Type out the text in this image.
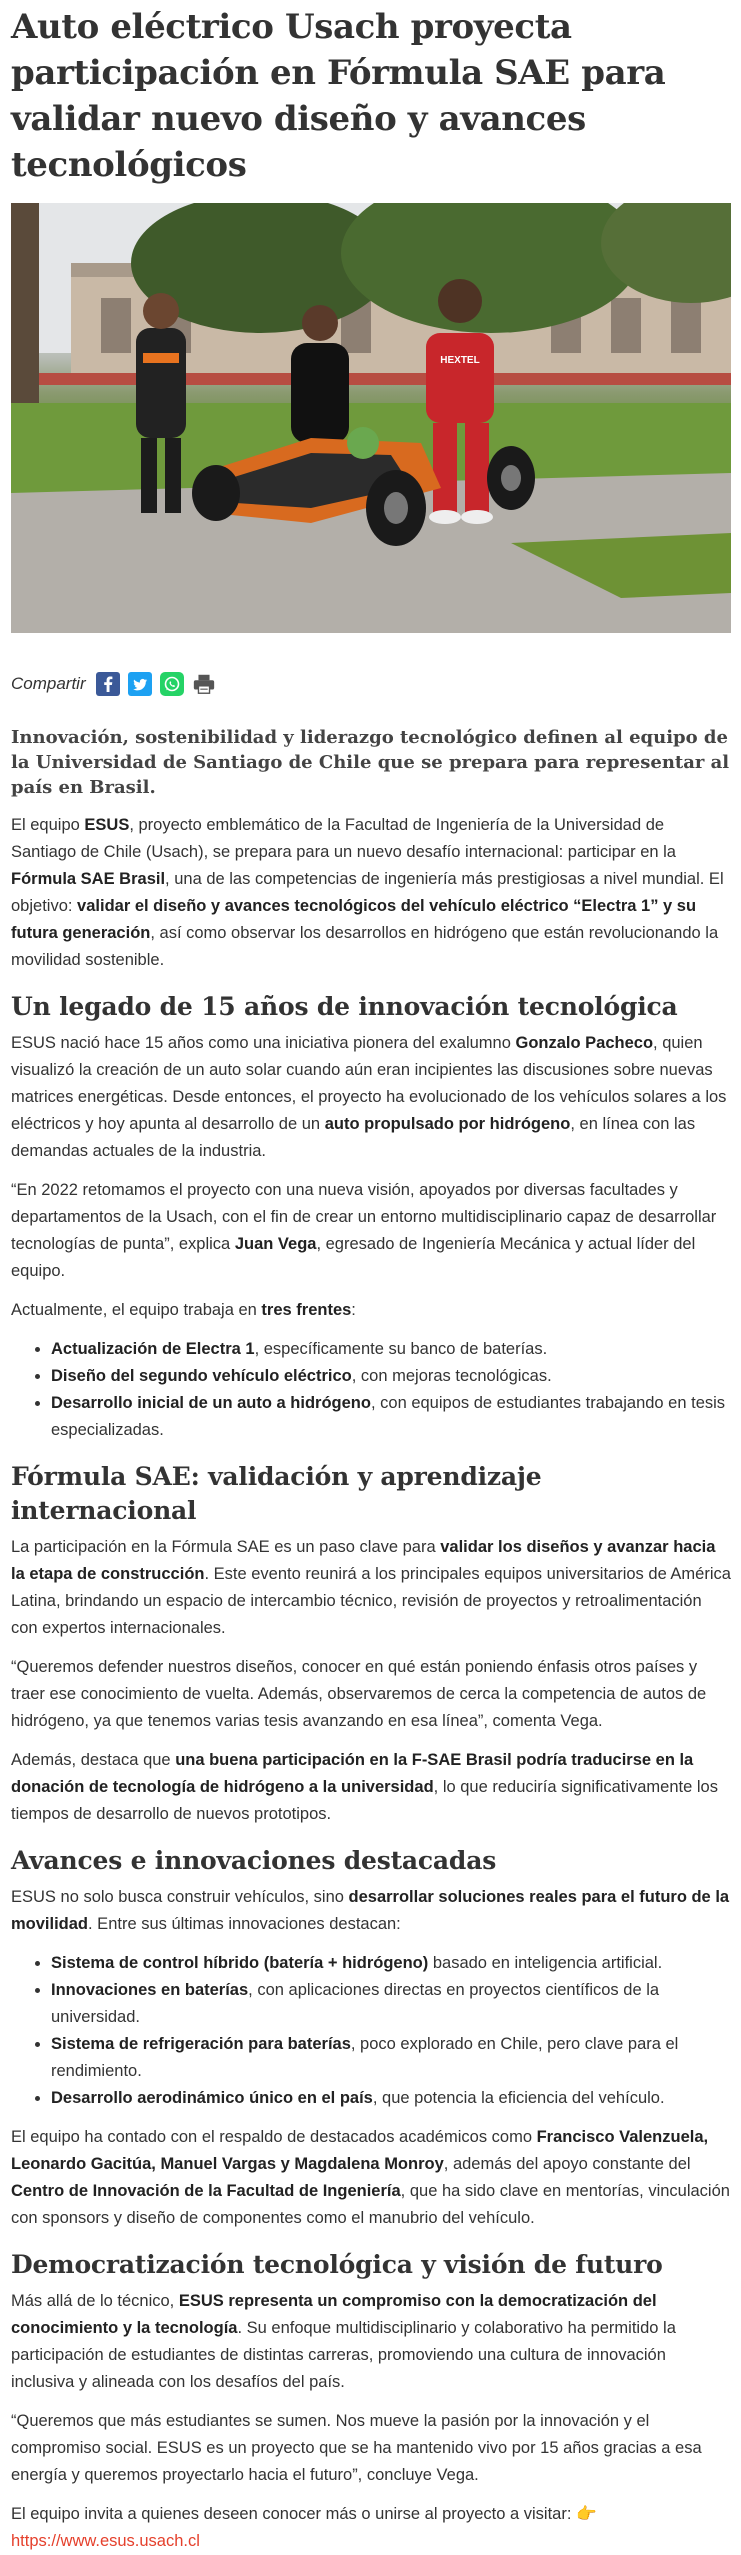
Auto eléctrico Usach proyecta participación en Fórmula SAE para validar nuevo diseño y avances tecnológicos
HEXTEL
Compartir
Innovación, sostenibilidad y liderazgo tecnológico definen al equipo de la Universidad de Santiago de Chile que se prepara para representar al país en Brasil.

El equipo ESUS, proyecto emblemático de la Facultad de Ingeniería de la Universidad de Santiago de Chile (Usach), se prepara para un nuevo desafío internacional: participar en la Fórmula SAE Brasil, una de las competencias de ingeniería más prestigiosas a nivel mundial. El objetivo: validar el diseño y avances tecnológicos del vehículo eléctrico “Electra 1” y su futura generación, así como observar los desarrollos en hidrógeno que están revolucionando la movilidad sostenible.

Un legado de 15 años de innovación tecnológica

ESUS nació hace 15 años como una iniciativa pionera del exalumno Gonzalo Pacheco, quien visualizó la creación de un auto solar cuando aún eran incipientes las discusiones sobre nuevas matrices energéticas. Desde entonces, el proyecto ha evolucionado de los vehículos solares a los eléctricos y hoy apunta al desarrollo de un auto propulsado por hidrógeno, en línea con las demandas actuales de la industria.

“En 2022 retomamos el proyecto con una nueva visión, apoyados por diversas facultades y departamentos de la Usach, con el fin de crear un entorno multidisciplinario capaz de desarrollar tecnologías de punta”, explica Juan Vega, egresado de Ingeniería Mecánica y actual líder del equipo.

Actualmente, el equipo trabaja en tres frentes:

• Actualización de Electra 1, específicamente su banco de baterías.
• Diseño del segundo vehículo eléctrico, con mejoras tecnológicas.
• Desarrollo inicial de un auto a hidrógeno, con equipos de estudiantes trabajando en tesis especializadas.
Fórmula SAE: validación y aprendizaje internacional

La participación en la Fórmula SAE es un paso clave para validar los diseños y avanzar hacia la etapa de construcción. Este evento reunirá a los principales equipos universitarios de América Latina, brindando un espacio de intercambio técnico, revisión de proyectos y retroalimentación con expertos internacionales.

“Queremos defender nuestros diseños, conocer en qué están poniendo énfasis otros países y traer ese conocimiento de vuelta. Además, observaremos de cerca la competencia de autos de hidrógeno, ya que tenemos varias tesis avanzando en esa línea”, comenta Vega.

Además, destaca que una buena participación en la F-SAE Brasil podría traducirse en la donación de tecnología de hidrógeno a la universidad, lo que reduciría significativamente los tiempos de desarrollo de nuevos prototipos.

Avances e innovaciones destacadas

ESUS no solo busca construir vehículos, sino desarrollar soluciones reales para el futuro de la movilidad. Entre sus últimas innovaciones destacan:

• Sistema de control híbrido (batería + hidrógeno) basado en inteligencia artificial.
• Innovaciones en baterías, con aplicaciones directas en proyectos científicos de la universidad.
• Sistema de refrigeración para baterías, poco explorado en Chile, pero clave para el rendimiento.
• Desarrollo aerodinámico único en el país, que potencia la eficiencia del vehículo.

El equipo ha contado con el respaldo de destacados académicos como Francisco Valenzuela, Leonardo Gacitúa, Manuel Vargas y Magdalena Monroy, además del apoyo constante del Centro de Innovación de la Facultad de Ingeniería, que ha sido clave en mentorías, vinculación con sponsors y diseño de componentes como el manubrio del vehículo.

Democratización tecnológica y visión de futuro

Más allá de lo técnico, ESUS representa un compromiso con la democratización del conocimiento y la tecnología. Su enfoque multidisciplinario y colaborativo ha permitido la participación de estudiantes de distintas carreras, promoviendo una cultura de innovación inclusiva y alineada con los desafíos del país.

“Queremos que más estudiantes se sumen. Nos mueve la pasión por la innovación y el compromiso social. ESUS es un proyecto que se ha mantenido vivo por 15 años gracias a esa energía y queremos proyectarlo hacia el futuro”, concluye Vega.

El equipo invita a quienes deseen conocer más o unirse al proyecto a visitar: 👉 https://www.esus.usach.cl
